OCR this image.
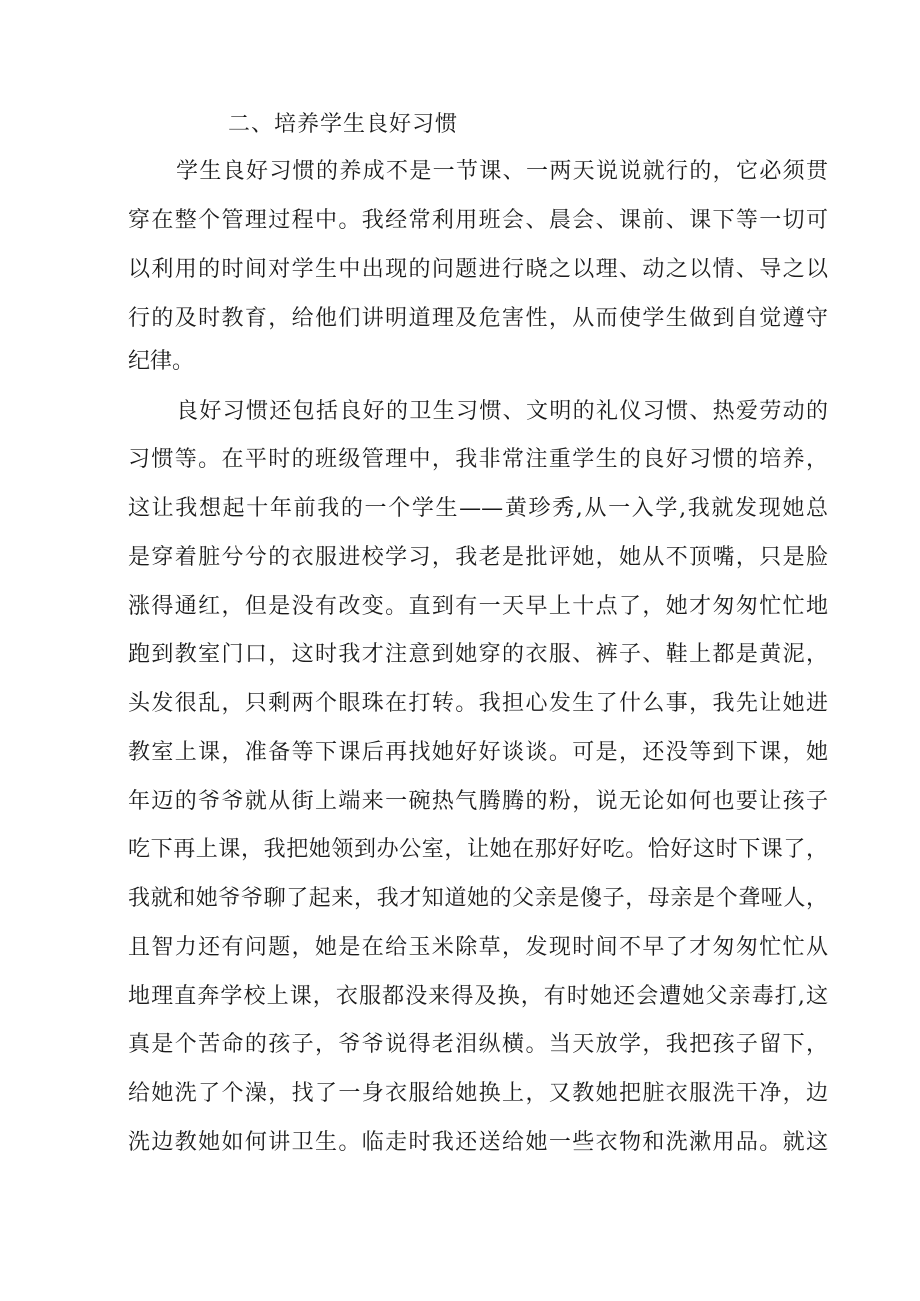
二、培养学生良好习惯
学生良好习惯的养成不是一节课、一两天说说就行的，它必须贯
穿在整个管理过程中。我经常利用班会、晨会、课前、课下等一切可
以利用的时间对学生中出现的问题进行晓之以理、动之以情、导之以
行的及时教育，给他们讲明道理及危害性，从而使学生做到自觉遵守
纪律。
良好习惯还包括良好的卫生习惯、文明的礼仪习惯、热爱劳动的
习惯等。在平时的班级管理中，我非常注重学生的良好习惯的培养，
这让我想起十年前我的一个学生——黄珍秀,从一入学,我就发现她总
是穿着脏兮兮的衣服进校学习，我老是批评她，她从不顶嘴，只是脸
涨得通红，但是没有改变。直到有一天早上十点了，她才匆匆忙忙地
跑到教室门口，这时我才注意到她穿的衣服、裤子、鞋上都是黄泥，
头发很乱，只剩两个眼珠在打转。我担心发生了什么事，我先让她进
教室上课，准备等下课后再找她好好谈谈。可是，还没等到下课，她
年迈的爷爷就从街上端来一碗热气腾腾的粉，说无论如何也要让孩子
吃下再上课，我把她领到办公室，让她在那好好吃。恰好这时下课了，
我就和她爷爷聊了起来，我才知道她的父亲是傻子，母亲是个聋哑人，
且智力还有问题，她是在给玉米除草，发现时间不早了才匆匆忙忙从
地理直奔学校上课，衣服都没来得及换，有时她还会遭她父亲毒打,这
真是个苦命的孩子，爷爷说得老泪纵横。当天放学，我把孩子留下，
给她洗了个澡，找了一身衣服给她换上，又教她把脏衣服洗干净，边
洗边教她如何讲卫生。临走时我还送给她一些衣物和洗漱用品。就这
